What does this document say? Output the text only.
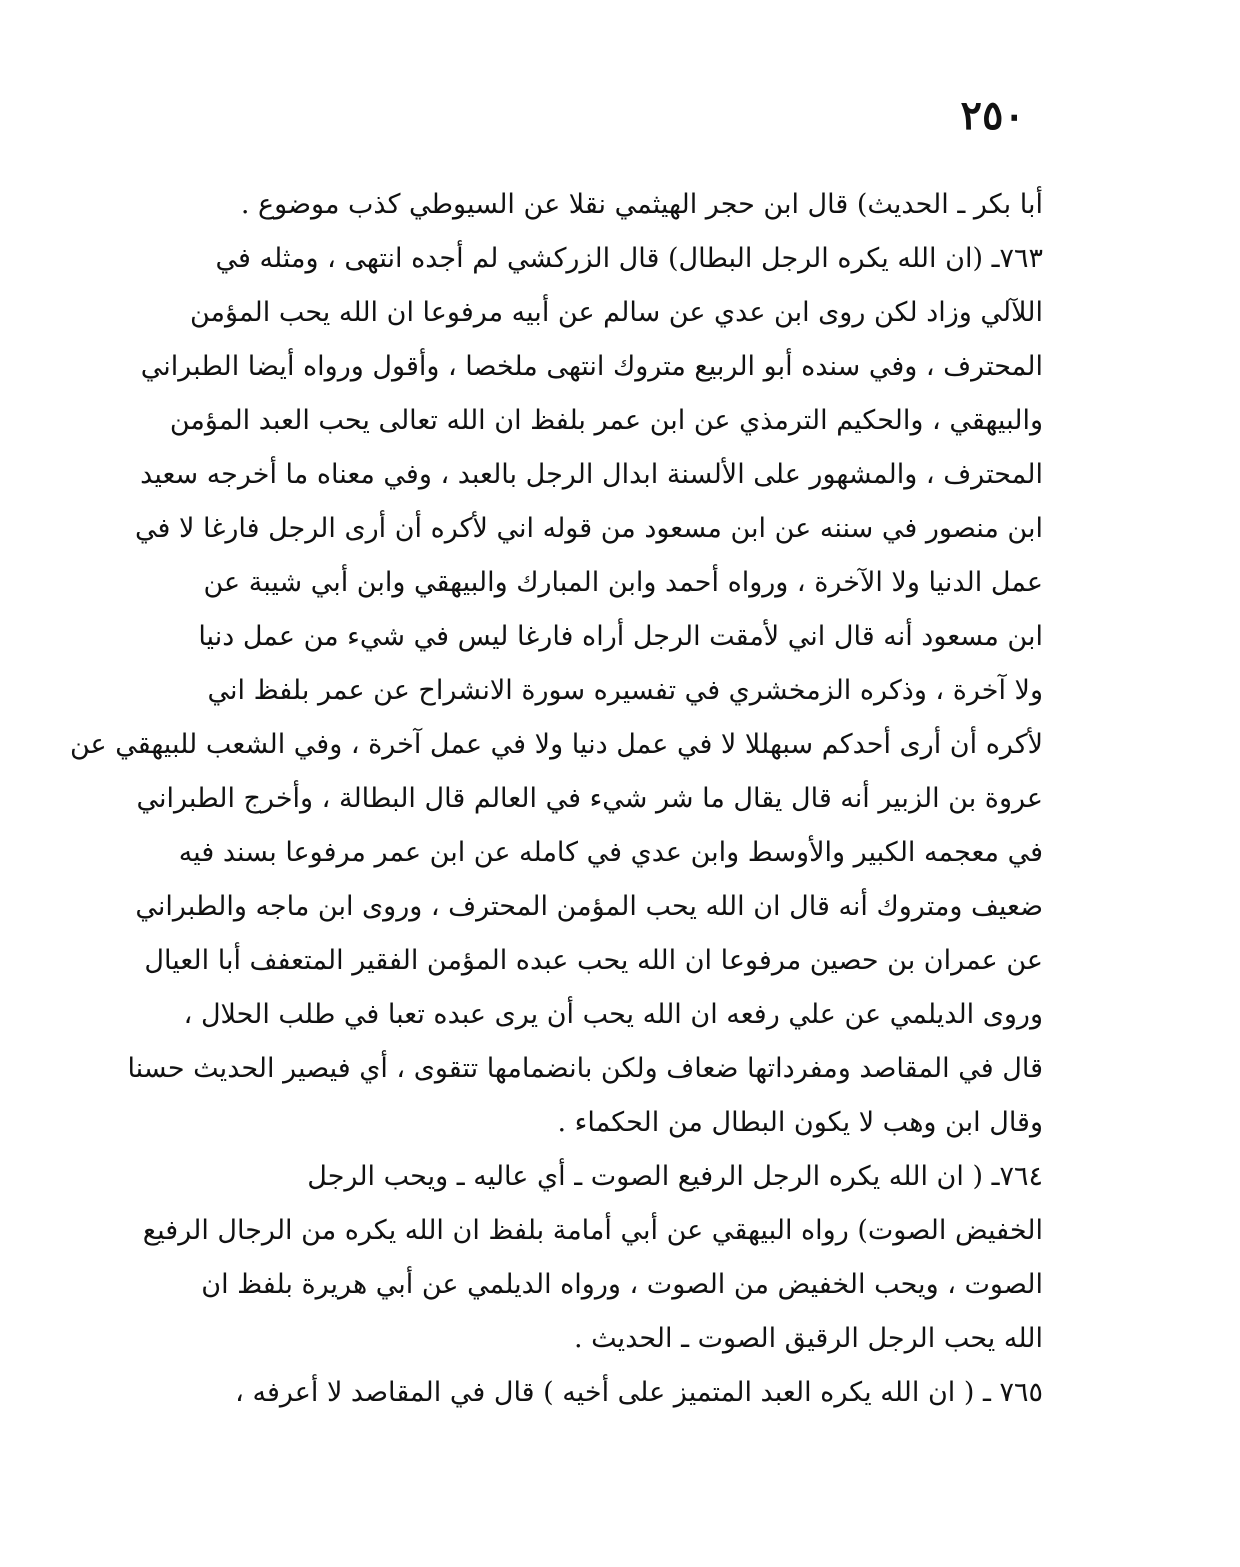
٢٥٠
أبا بكر ـ الحديث) قال ابن حجر الهيثمي نقلا عن السيوطي كذب موضوع .
٧٦٣ـ (ان الله يكره الرجل البطال) قال الزركشي لم أجده انتهى ، ومثله في
اللآلي وزاد لكن روى ابن عدي عن سالم عن أبيه مرفوعا ان الله يحب المؤمن
المحترف ، وفي سنده أبو الربيع متروك انتهى ملخصا ، وأقول ورواه أيضا الطبراني
والبيهقي ، والحكيم الترمذي عن ابن عمر بلفظ ان الله تعالى يحب العبد المؤمن
المحترف ، والمشهور على الألسنة ابدال الرجل بالعبد ، وفي معناه ما أخرجه سعيد
ابن منصور في سننه عن ابن مسعود من قوله اني لأكره أن أرى الرجل فارغا لا في
عمل الدنيا ولا الآخرة ، ورواه أحمد وابن المبارك والبيهقي وابن أبي شيبة عن
ابن مسعود أنه قال اني لأمقت الرجل أراه فارغا ليس في شيء من عمل دنيا
ولا آخرة ، وذكره الزمخشري في تفسيره سورة الانشراح عن عمر بلفظ اني
لأكره أن أرى أحدكم سبهللا لا في عمل دنيا ولا في عمل آخرة ، وفي الشعب للبيهقي عن
عروة بن الزبير أنه قال يقال ما شر شيء في العالم قال البطالة ، وأخرج الطبراني
في معجمه الكبير والأوسط وابن عدي في كامله عن ابن عمر مرفوعا بسند فيه
ضعيف ومتروك أنه قال ان الله يحب المؤمن المحترف ، وروى ابن ماجه والطبراني
عن عمران بن حصين مرفوعا ان الله يحب عبده المؤمن الفقير المتعفف أبا العيال
وروى الديلمي عن علي رفعه ان الله يحب أن يرى عبده تعبا في طلب الحلال ،
قال في المقاصد ومفرداتها ضعاف ولكن بانضمامها تتقوى ، أي فيصير الحديث حسنا
وقال ابن وهب لا يكون البطال من الحكماء .
٧٦٤ـ ( ان الله يكره الرجل الرفيع الصوت ـ أي عاليه ـ ويحب الرجل
الخفيض الصوت) رواه البيهقي عن أبي أمامة بلفظ ان الله يكره من الرجال الرفيع
الصوت ، ويحب الخفيض من الصوت ، ورواه الديلمي عن أبي هريرة بلفظ ان
الله يحب الرجل الرقيق الصوت ـ الحديث .
٧٦٥ ـ ( ان الله يكره العبد المتميز على أخيه ) قال في المقاصد لا أعرفه ،
